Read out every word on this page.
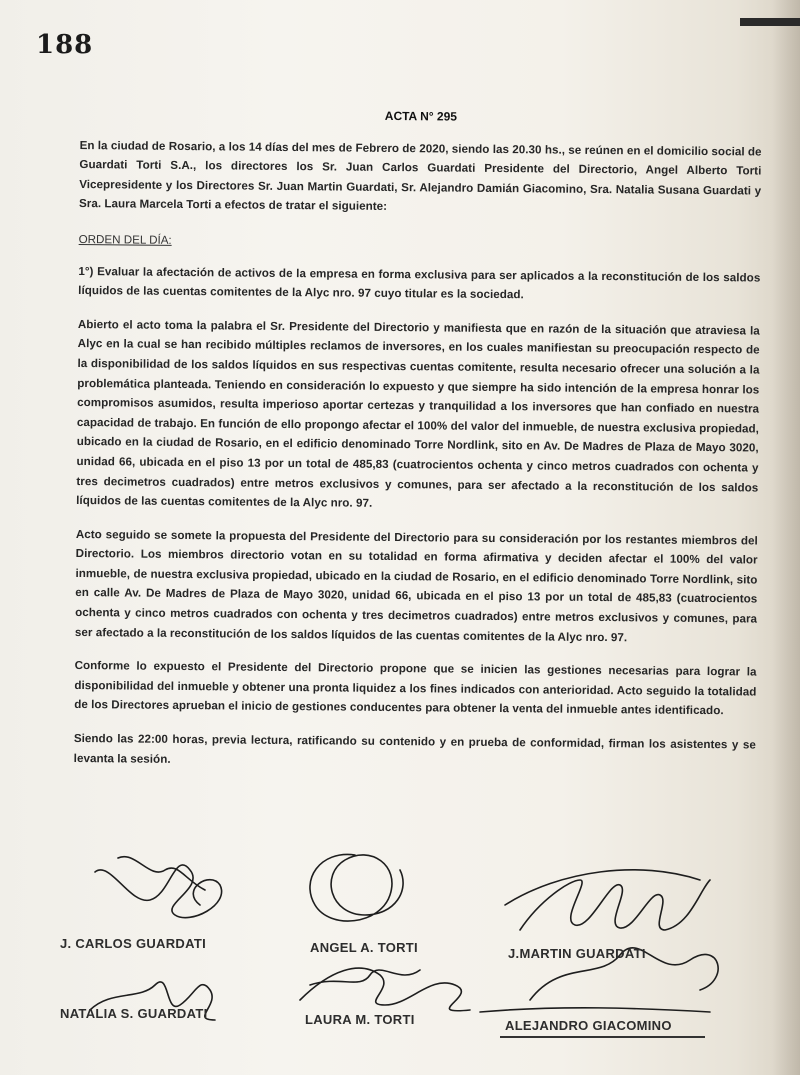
188
ACTA N° 295

En la ciudad de Rosario, a los 14 días del mes de Febrero de 2020, siendo las 20.30 hs., se reúnen en el domicilio social de Guardati Torti S.A., los directores los Sr. Juan Carlos Guardati Presidente del Directorio, Angel Alberto Torti Vicepresidente y los Directores Sr. Juan Martin Guardati, Sr. Alejandro Damián Giacomino, Sra. Natalia Susana Guardati y Sra. Laura Marcela Torti a efectos de tratar el siguiente:

ORDEN DEL DÍA:

1°) Evaluar la afectación de activos de la empresa en forma exclusiva para ser aplicados a la reconstitución de los saldos líquidos de las cuentas comitentes de la Alyc nro. 97 cuyo titular es la sociedad.

Abierto el acto toma la palabra el Sr. Presidente del Directorio y manifiesta que en razón de la situación que atraviesa la Alyc en la cual se han recibido múltiples reclamos de inversores, en los cuales manifiestan su preocupación respecto de la disponibilidad de los saldos líquidos en sus respectivas cuentas comitente, resulta necesario ofrecer una solución a la problemática planteada. Teniendo en consideración lo expuesto y que siempre ha sido intención de la empresa honrar los compromisos asumidos, resulta imperioso aportar certezas y tranquilidad a los inversores que han confiado en nuestra capacidad de trabajo. En función de ello propongo afectar el 100% del valor del inmueble, de nuestra exclusiva propiedad, ubicado en la ciudad de Rosario, en el edificio denominado Torre Nordlink, sito en Av. De Madres de Plaza de Mayo 3020, unidad 66, ubicada en el piso 13 por un total de 485,83 (cuatrocientos ochenta y cinco metros cuadrados con ochenta y tres decimetros cuadrados) entre metros exclusivos y comunes, para ser afectado a la reconstitución de los saldos líquidos de las cuentas comitentes de la Alyc nro. 97.

Acto seguido se somete la propuesta del Presidente del Directorio para su consideración por los restantes miembros del Directorio. Los miembros directorio votan en su totalidad en forma afirmativa y deciden afectar el 100% del valor inmueble, de nuestra exclusiva propiedad, ubicado en la ciudad de Rosario, en el edificio denominado Torre Nordlink, sito en calle Av. De Madres de Plaza de Mayo 3020, unidad 66, ubicada en el piso 13 por un total de 485,83 (cuatrocientos ochenta y cinco metros cuadrados con ochenta y tres decimetros cuadrados) entre metros exclusivos y comunes, para ser afectado a la reconstitución de los saldos líquidos de las cuentas comitentes de la Alyc nro. 97.

Conforme lo expuesto el Presidente del Directorio propone que se inicien las gestiones necesarias para lograr la disponibilidad del inmueble y obtener una pronta liquidez a los fines indicados con anterioridad. Acto seguido la totalidad de los Directores aprueban el inicio de gestiones conducentes para obtener la venta del inmueble antes identificado.

Siendo las 22:00 horas, previa lectura, ratificando su contenido y en prueba de conformidad, firman los asistentes y se levanta la sesión.

J. CARLOS GUARDATI	ANGEL A. TORTI	J.MARTIN GUARDATI
NATALIA S. GUARDATI	LAURA M. TORTI	ALEJANDRO GIACOMINO
